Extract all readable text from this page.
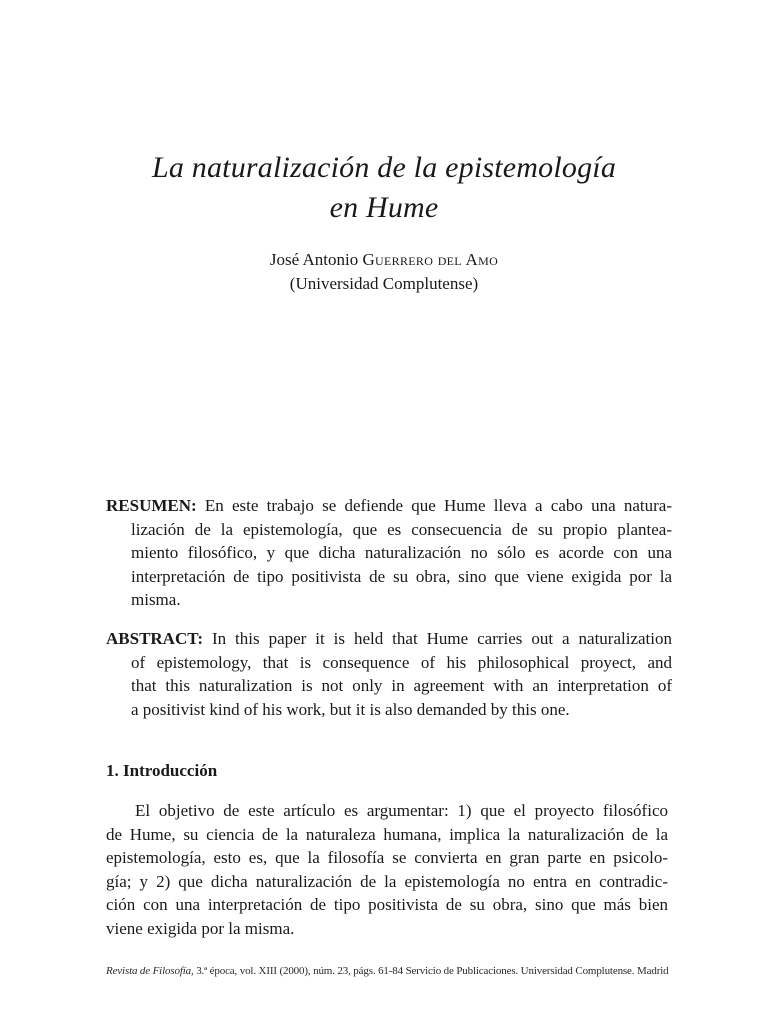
La naturalización de la epistemología
en Hume
José Antonio Guerrero del Amo
(Universidad Complutense)
RESUMEN: En este trabajo se defiende que Hume lleva a cabo una natura-
lización de la epistemología, que es consecuencia de su propio plantea-
miento filosófico, y que dicha naturalización no sólo es acorde con una
interpretación de tipo positivista de su obra, sino que viene exigida por la
misma.
ABSTRACT: In this paper it is held that Hume carries out a naturalization
of epistemology, that is consequence of his philosophical proyect, and
that this naturalization is not only in agreement with an interpretation of
a positivist kind of his work, but it is also demanded by this one.
1. Introducción
El objetivo de este artículo es argumentar: 1) que el proyecto filosófico
de Hume, su ciencia de la naturaleza humana, implica la naturalización de la
epistemología, esto es, que la filosofía se convierta en gran parte en psicolo-
gía; y 2) que dicha naturalización de la epistemología no entra en contradic-
ción con una interpretación de tipo positivista de su obra, sino que más bien
viene exigida por la misma.
Revista de Filosofía, 3.ª época, vol. XIII (2000), núm. 23, págs. 61-84 Servicio de Publicaciones. Universidad Complutense. Madrid
